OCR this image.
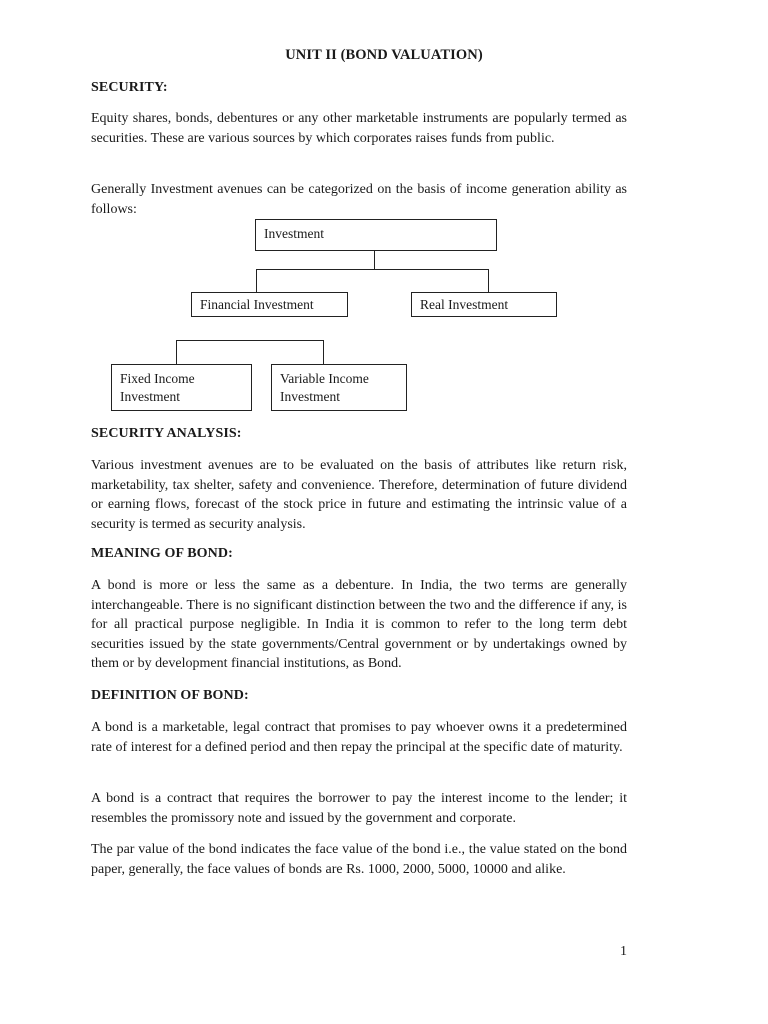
UNIT II (BOND VALUATION)
SECURITY:
Equity shares, bonds, debentures or any other marketable instruments are popularly termed as securities. These are various sources by which corporates raises funds from public.
Generally Investment avenues can be categorized on the basis of income generation ability as follows:
Investment
Financial Investment	Real Investment
Fixed Income
Investment
Variable Income
Investment
SECURITY ANALYSIS:
Various investment avenues are to be evaluated on the basis of attributes like return risk, marketability, tax shelter, safety and convenience. Therefore, determination of future dividend or earning flows, forecast of the stock price in future and estimating the intrinsic value of a security is termed as security analysis.
MEANING OF BOND:
A bond is more or less the same as a debenture. In India, the two terms are generally interchangeable. There is no significant distinction between the two and the difference if any, is for all practical purpose negligible. In India it is common to refer to the long term debt securities issued by the state governments/Central government or by undertakings owned by them or by development financial institutions, as Bond.
DEFINITION OF BOND:
A bond is a marketable, legal contract that promises to pay whoever owns it a predetermined rate of interest for a defined period and then repay the principal at the specific date of maturity.
A bond is a contract that requires the borrower to pay the interest income to the lender; it resembles the promissory note and issued by the government and corporate.
The par value of the bond indicates the face value of the bond i.e., the value stated on the bond paper, generally, the face values of bonds are Rs. 1000, 2000, 5000, 10000 and alike.
1
